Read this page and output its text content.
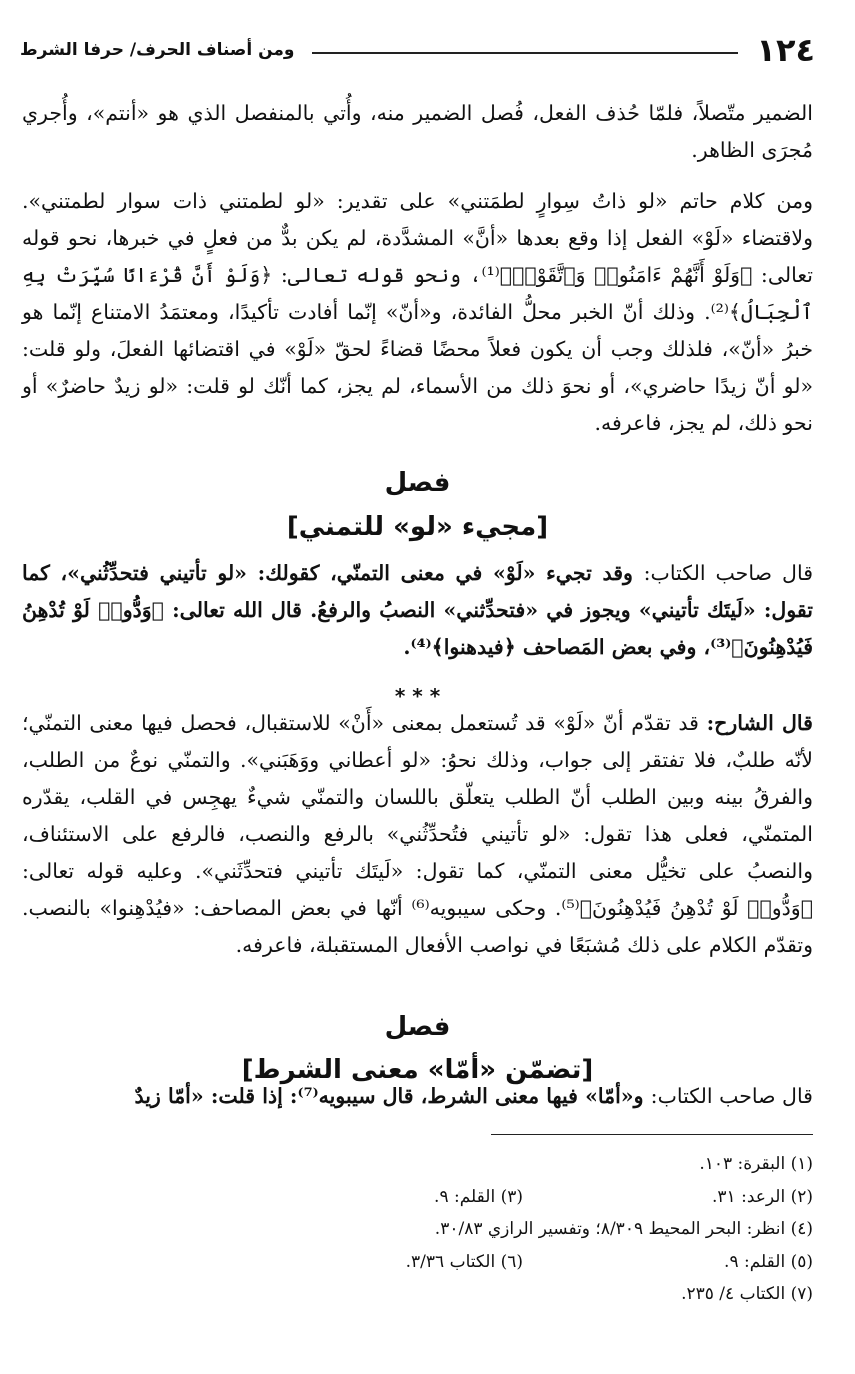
١٢٤
ومن أصناف الحرف/ حرفا الشرط

الضمير متّصلاً، فلمّا حُذف الفعل، فُصل الضمير منه، وأُتي بالمنفصل الذي هو «أنتم»، وأُجري مُجرَى الظاهر.

ومن كلام حاتم «لو ذاتُ سِوارٍ لطمَتني» على تقدير: «لو لطمتني ذات سوار لطمتني». ولاقتضاء «لَوْ» الفعل إذا وقع بعدها «أنَّ» المشدَّدة، لم يكن بدٌّ من فعلٍ في خبرها، نحو قوله تعالى: ﴿وَلَوْ أَنَّهُمْ ءَامَنُوا۟ وَٱتَّقَوْا۟﴾⁽¹⁾، ونحو قوله تعالى: ﴿وَلَوْ أَنَّ قُرْءَانًا سُيِّرَتْ بِهِ ٱلْجِبَالُ﴾⁽²⁾. وذلك أنّ الخبر محلُّ الفائدة، و«أنّ» إنّما أفادت تأكيدًا، ومعتمَدُ الامتناع إنّما هو خبرُ «أنّ»، فلذلك وجب أن يكون فعلاً محضًا قضاءً لحقّ «لَوْ» في اقتضائها الفعلَ، ولو قلت: «لو أنّ زيدًا حاضري»، أو نحوَ ذلك من الأسماء، لم يجز، كما أنّك لو قلت: «لو زيدٌ حاضرٌ» أو نحو ذلك، لم يجز، فاعرفه.

فصل
[مجيء «لو» للتمني]

قال صاحب الكتاب: وقد تجيء «لَوْ» في معنى التمنّي، كقولك: «لو تأتيني فتحدِّثُني»، كما تقول: «لَيتَك تأتيني» ويجوز في «فتحدِّثني» النصبُ والرفعُ. قال الله تعالى: ﴿وَدُّوا۟ لَوْ تُدْهِنُ فَيُدْهِنُونَ﴾⁽³⁾، وفي بعض المَصاحف ﴿فيدهنوا﴾⁽⁴⁾.

* * *

قال الشارح: قد تقدّم أنّ «لَوْ» قد تُستعمل بمعنى «أَنْ» للاستقبال، فحصل فيها معنى التمنّي؛ لأنّه طلبٌ، فلا تفتقر إلى جواب، وذلك نحوُ: «لو أعطاني ووَهَبَني». والتمنّي نوعٌ من الطلب، والفرقُ بينه وبين الطلب أنّ الطلب يتعلّق باللسان والتمنّي شيءٌ يهجِس في القلب، يقدّره المتمنّي، فعلى هذا تقول: «لو تأتيني فتُحدِّثُني» بالرفع والنصب، فالرفع على الاستئناف، والنصبُ على تخيُّل معنى التمنّي، كما تقول: «لَيتَك تأتيني فتحدِّثَني». وعليه قوله تعالى: ﴿وَدُّوا۟ لَوْ تُدْهِنُ فَيُدْهِنُونَ﴾⁽⁵⁾. وحكى سيبويه⁽⁶⁾ أنّها في بعض المصاحف: «فيُدْهِنوا» بالنصب. وتقدّم الكلام على ذلك مُشبَعًا في نواصب الأفعال المستقبلة، فاعرفه.

فصل
[تضمّن «أمّا» معنى الشرط]

قال صاحب الكتاب: و«أمّا» فيها معنى الشرط، قال سيبويه⁽⁷⁾: إذا قلت: «أمّا زيدٌ

(١) البقرة: ١٠٣.
(٢) الرعد: ٣١.
(٣) القلم: ٩.
(٤) انظر: البحر المحيط ٨/٣٠٩؛ وتفسير الرازي ٣٠/٨٣.
(٥) القلم: ٩.
(٦) الكتاب ٣/٣٦.
(٧) الكتاب ٤/ ٢٣٥.
